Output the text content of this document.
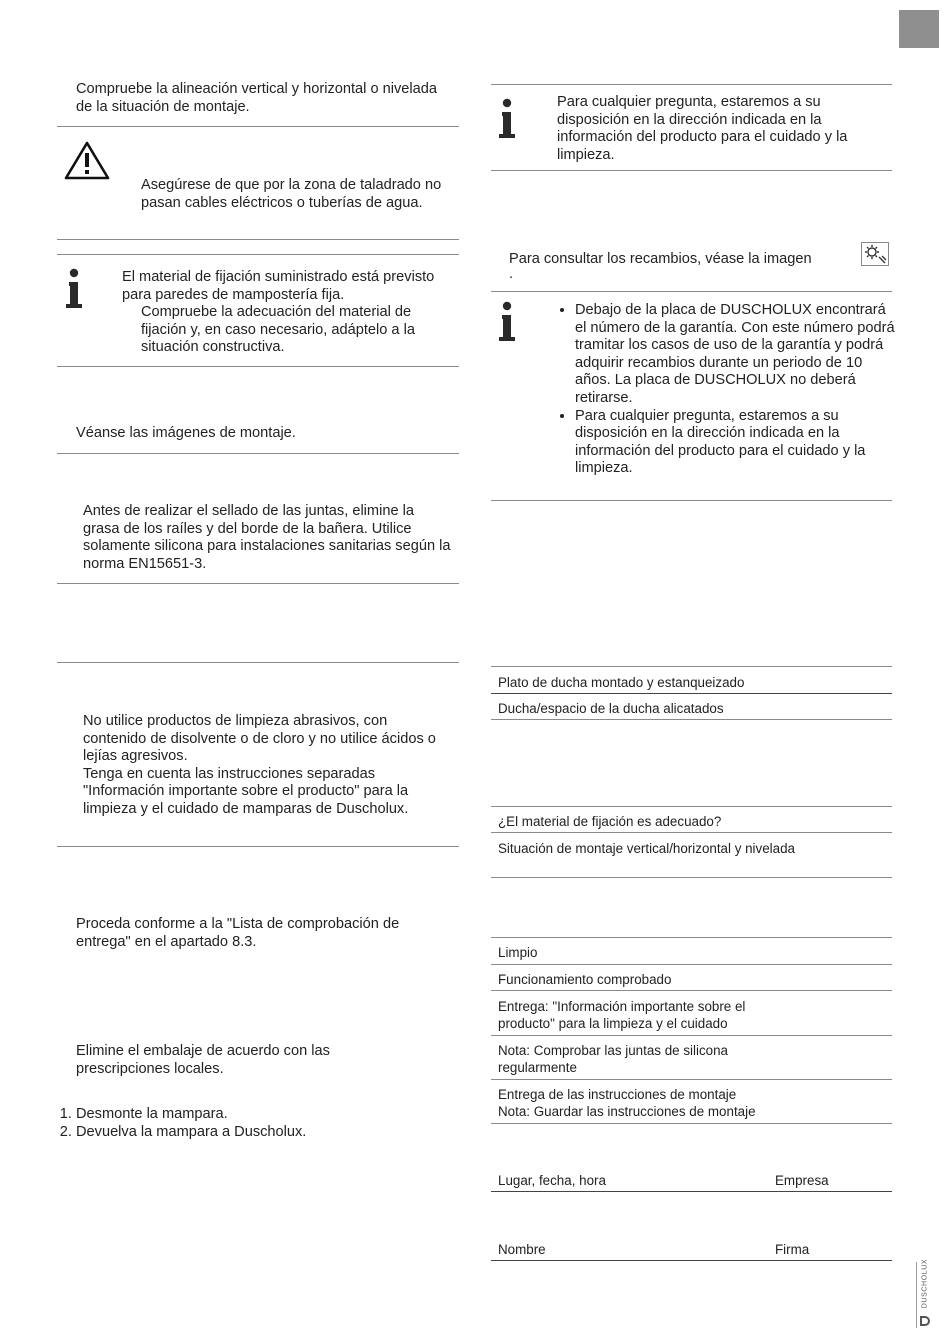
Compruebe la alineación vertical y horizontal o nivelada de la situación de montaje.
Asegúrese de que por la zona de taladrado no pasan cables eléctricos o tuberías de agua.
El material de fijación suministrado está previsto para paredes de mampostería fija.
Compruebe la adecuación del material de fijación y, en caso necesario, adáptelo a la situación constructiva.
Véanse las imágenes de montaje.
Antes de realizar el sellado de las juntas, elimine la grasa de los raíles y del borde de la bañera. Utilice solamente silicona para instalaciones sanitarias según la norma EN15651-3.
No utilice productos de limpieza abrasivos, con contenido de disolvente o de cloro y no utilice ácidos o lejías agresivos.
Tenga en cuenta las instrucciones separadas "Información importante sobre el producto" para la limpieza y el cuidado de mamparas de Duscholux.
Proceda conforme a la "Lista de comprobación de entrega" en el apartado 8.3.
Elimine el embalaje de acuerdo con las prescripciones locales.
1. Desmonte la mampara.
2. Devuelva la mampara a Duscholux.
Para cualquier pregunta, estaremos a su disposición en la dirección indicada en la información del producto para el cuidado y la limpieza.
Para consultar los recambios, véase la imagen
.
• Debajo de la placa de DUSCHOLUX encontrará el número de la garantía. Con este número podrá tramitar los casos de uso de la garantía y podrá adquirir recambios durante un periodo de 10 años. La placa de DUSCHOLUX no deberá retirarse.
• Para cualquier pregunta, estaremos a su disposición en la dirección indicada en la información del producto para el cuidado y la limpieza.
Plato de ducha montado y estanqueizado
Ducha/espacio de la ducha alicatados
¿El material de fijación es adecuado?
Situación de montaje vertical/horizontal y nivelada
Limpio
Funcionamiento comprobado
Entrega: "Información importante sobre el producto" para la limpieza y el cuidado
Nota: Comprobar las juntas de silicona regularmente
Entrega de las instrucciones de montaje
Nota: Guardar las instrucciones de montaje
Lugar, fecha, hora	Empresa
Nombre	Firma
DUSCHOLUX
